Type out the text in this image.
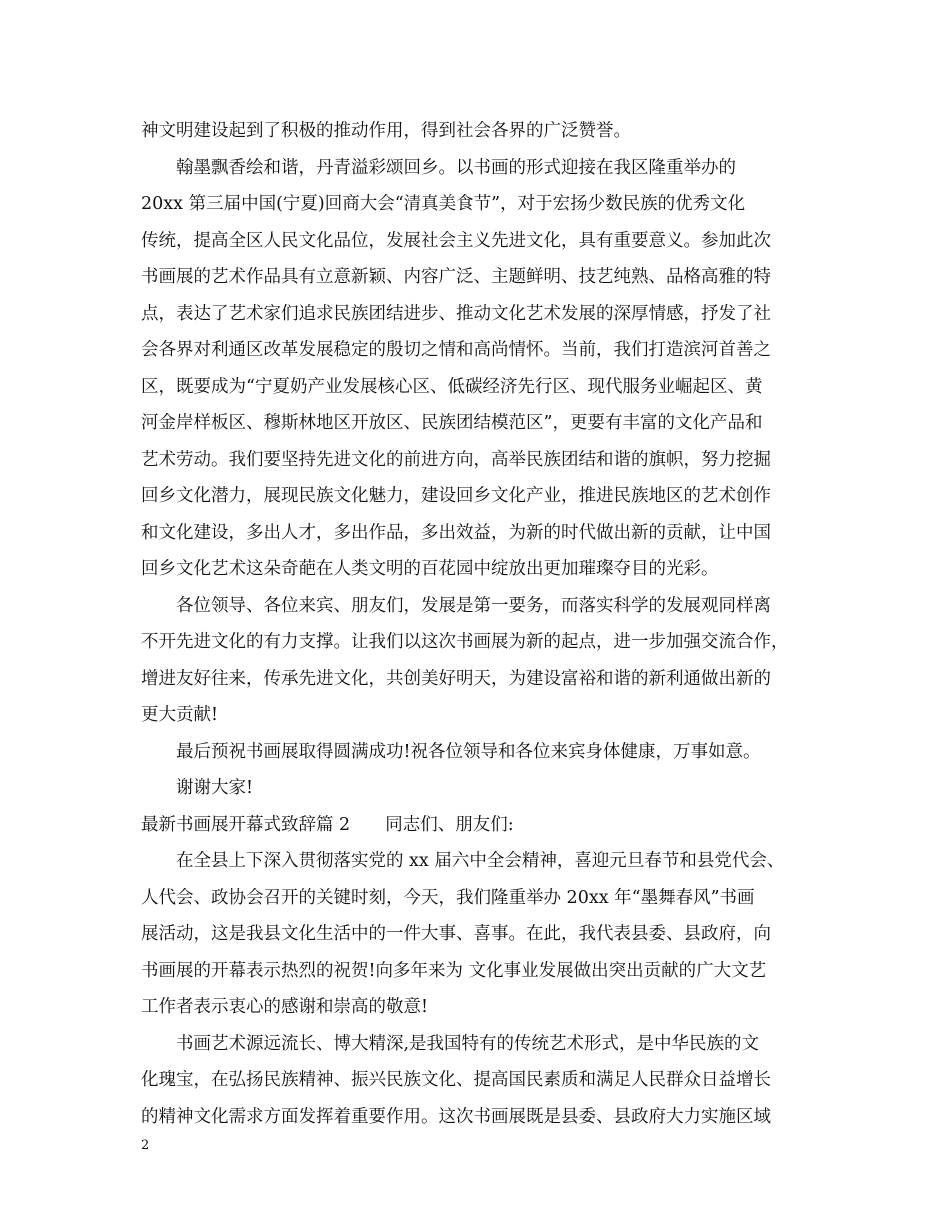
神文明建设起到了积极的推动作用，得到社会各界的广泛赞誉。
翰墨飘香绘和谐，丹青溢彩颂回乡。以书画的形式迎接在我区隆重举办的
20xx 第三届中国(宁夏)回商大会“清真美食节”，对于宏扬少数民族的优秀文化
传统，提高全区人民文化品位，发展社会主义先进文化，具有重要意义。参加此次
书画展的艺术作品具有立意新颖、内容广泛、主题鲜明、技艺纯熟、品格高雅的特
点，表达了艺术家们追求民族团结进步、推动文化艺术发展的深厚情感，抒发了社
会各界对利通区改革发展稳定的殷切之情和高尚情怀。当前，我们打造滨河首善之
区，既要成为“宁夏奶产业发展核心区、低碳经济先行区、现代服务业崛起区、黄
河金岸样板区、穆斯林地区开放区、民族团结模范区”，更要有丰富的文化产品和
艺术劳动。我们要坚持先进文化的前进方向，高举民族团结和谐的旗帜，努力挖掘
回乡文化潜力，展现民族文化魅力，建设回乡文化产业，推进民族地区的艺术创作
和文化建设，多出人才，多出作品，多出效益，为新的时代做出新的贡献，让中国
回乡文化艺术这朵奇葩在人类文明的百花园中绽放出更加璀璨夺目的光彩。
各位领导、各位来宾、朋友们，发展是第一要务，而落实科学的发展观同样离
不开先进文化的有力支撑。让我们以这次书画展为新的起点，进一步加强交流合作，
增进友好往来，传承先进文化，共创美好明天，为建设富裕和谐的新利通做出新的
更大贡献!
最后预祝书画展取得圆满成功!祝各位领导和各位来宾身体健康，万事如意。
谢谢大家!
最新书画展开幕式致辞篇 2　　同志们、朋友们:
在全县上下深入贯彻落实党的 xx 届六中全会精神，喜迎元旦春节和县党代会、
人代会、政协会召开的关键时刻，今天，我们隆重举办 20xx 年“墨舞春风”书画
展活动，这是我县文化生活中的一件大事、喜事。在此，我代表县委、县政府，向
书画展的开幕表示热烈的祝贺!向多年来为 文化事业发展做出突出贡献的广大文艺
工作者表示衷心的感谢和崇高的敬意!
书画艺术源远流长、博大精深,是我国特有的传统艺术形式，是中华民族的文
化瑰宝，在弘扬民族精神、振兴民族文化、提高国民素质和满足人民群众日益增长
的精神文化需求方面发挥着重要作用。这次书画展既是县委、县政府大力实施区域
2
